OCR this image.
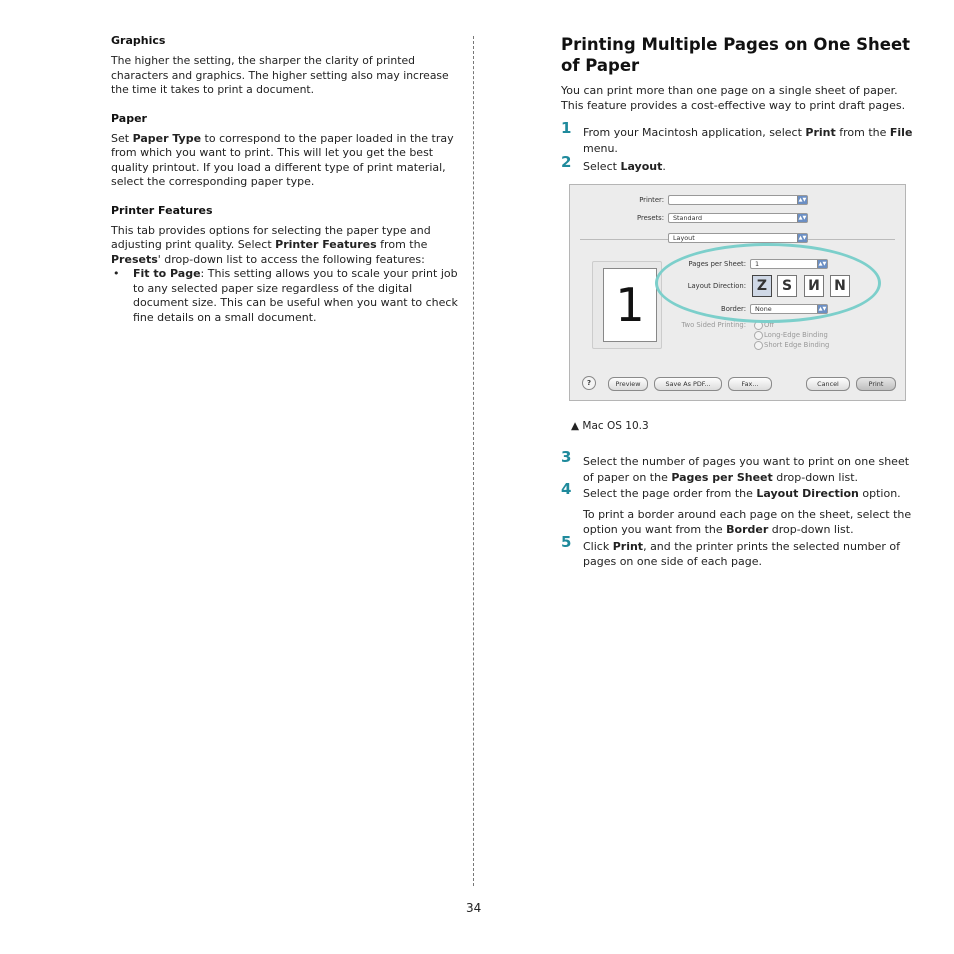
Graphics

The higher the setting, the sharper the clarity of printed characters and graphics. The higher setting also may increase the time it takes to print a document.

Paper

Set Paper Type to correspond to the paper loaded in the tray from which you want to print. This will let you get the best quality printout. If you load a different type of print material, select the corresponding paper type.

Printer Features

This tab provides options for selecting the paper type and adjusting print quality. Select Printer Features from the Presets' drop-down list to access the following features:

• Fit to Page: This setting allows you to scale your print job to any selected paper size regardless of the digital document size. This can be useful when you want to check fine details on a small document.
Printing Multiple Pages on One Sheet of Paper

You can print more than one page on a single sheet of paper. This feature provides a cost-effective way to print draft pages.

1 From your Macintosh application, select Print from the File menu.
2 Select Layout.
Printer:	▲▼
Presets:	Standard	▲▼
Layout	▲▼
1
Pages per Sheet:	1	▲▼
Layout Direction: Z	S	И N
Border:	None	▲▼
Two Sided Printing:	Off
Long-Edge Binding
Short Edge Binding
?	Preview	Save As PDF...	Fax...	Cancel	Print
▲ Mac OS 10.3
3 Select the number of pages you want to print on one sheet of paper on the Pages per Sheet drop-down list.
4 Select the page order from the Layout Direction option.
To print a border around each page on the sheet, select the option you want from the Border drop-down list.
5 Click Print, and the printer prints the selected number of pages on one side of each page.
34
